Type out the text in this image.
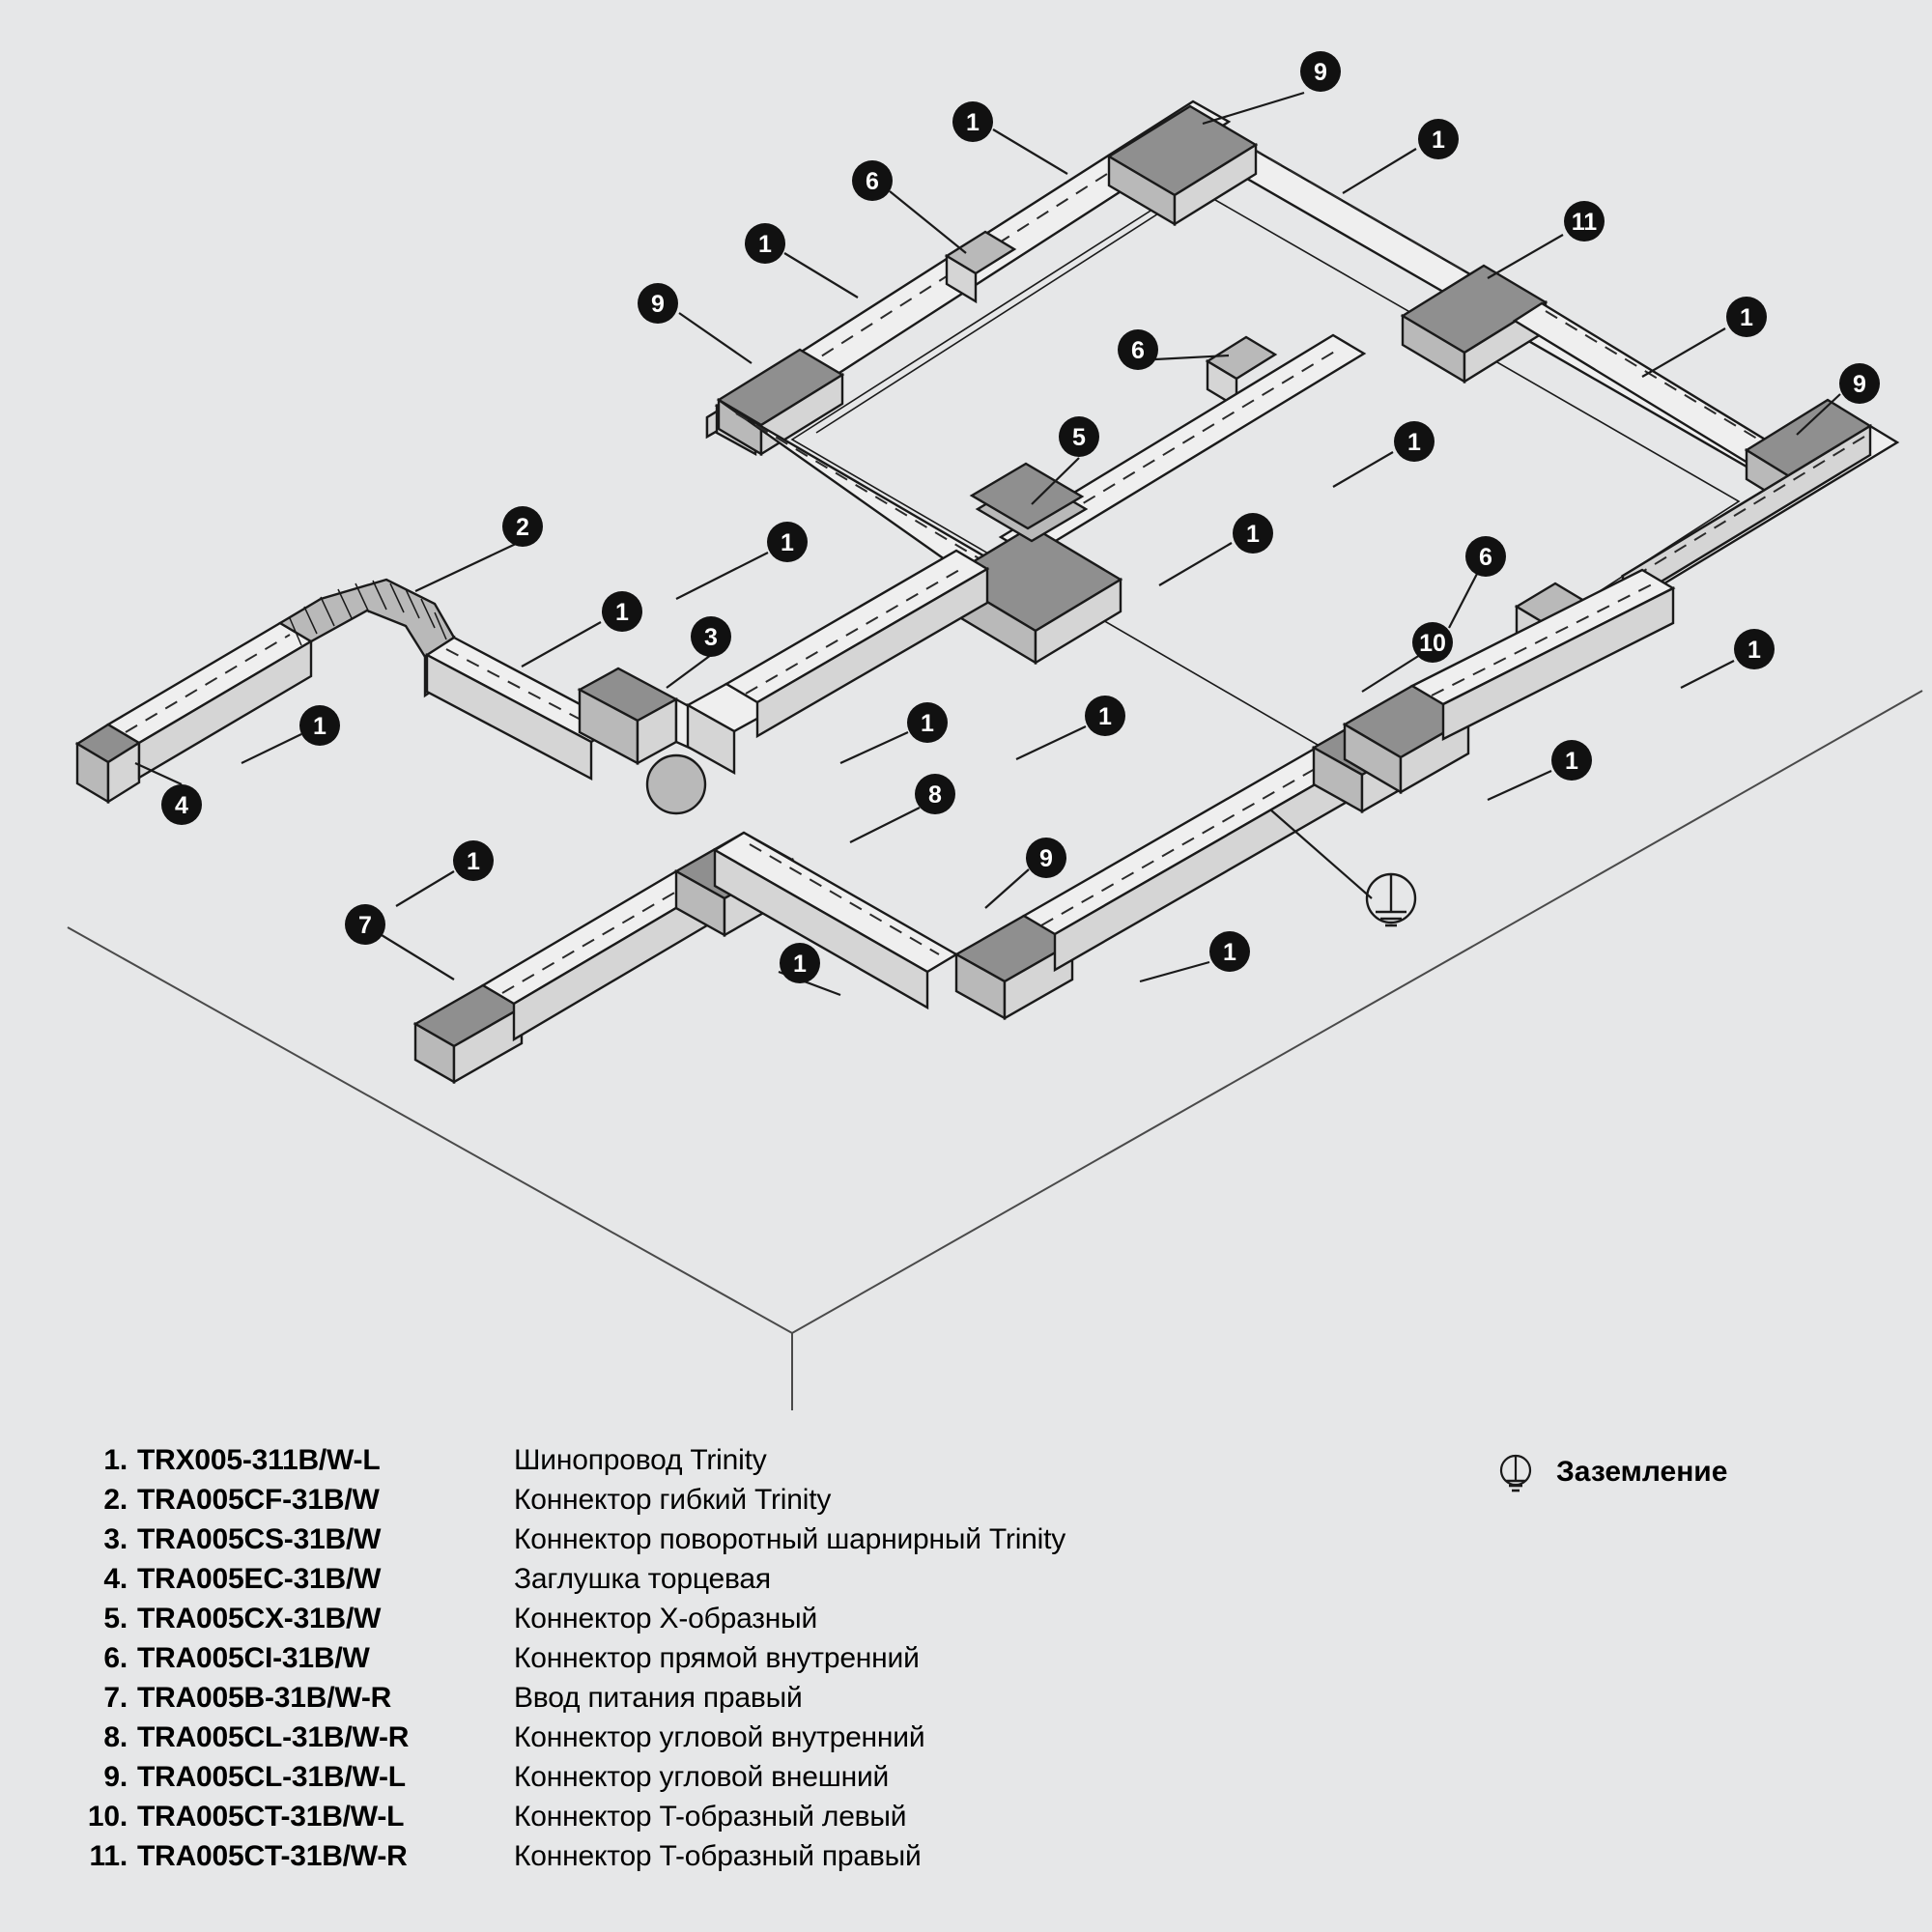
9
1
1
6
11
1
9	1
6
9
5	1
2
1
1
1
6
3	1
10
1	1	1
1
4	8
9
1
7
1	1
1. TRX005-311B/W-L	Шинопровод Trinity
2. TRA005CF-31B/W	Коннектор гибкий Trinity
3. TRA005CS-31B/W	Коннектор поворотный шарнирный Trinity
4. TRA005EC-31B/W	Заглушка торцевая
5. TRA005CX-31B/W	Коннектор X-образный
6. TRA005CI-31B/W	Коннектор прямой внутренний
7. TRA005B-31B/W-R	Ввод питания правый
8. TRA005CL-31B/W-R	Коннектор угловой внутренний
9. TRA005CL-31B/W-L	Коннектор угловой внешний
10. TRA005CT-31B/W-L	Коннектор T-образный левый
11. TRA005CT-31B/W-R	Коннектор T-образный правый
Заземление
